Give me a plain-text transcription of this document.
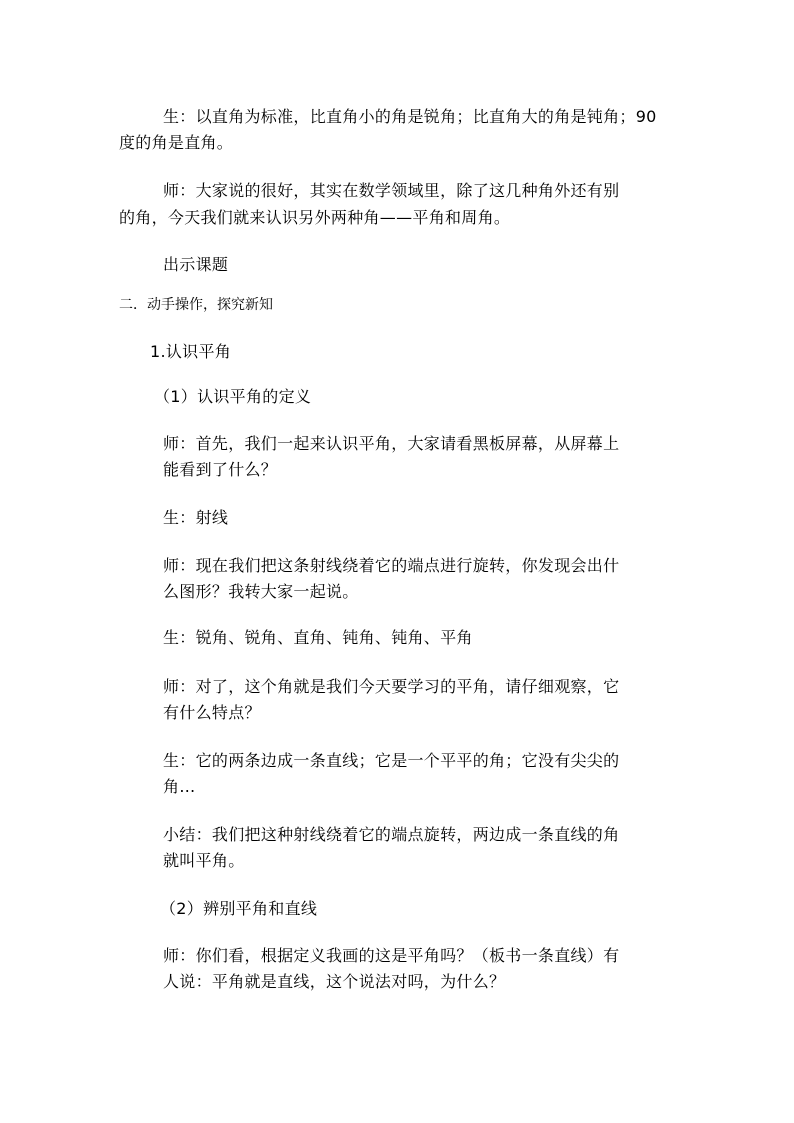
生：以直角为标准，比直角小的角是锐角；比直角大的角是钝角；90
度的角是直角。
师：大家说的很好，其实在数学领域里，除了这几种角外还有别
的角，今天我们就来认识另外两种角——平角和周角。
出示课题
二．动手操作，探究新知
1.认识平角
（1）认识平角的定义
师：首先，我们一起来认识平角，大家请看黑板屏幕，从屏幕上
能看到了什么？
生：射线
师：现在我们把这条射线绕着它的端点进行旋转，你发现会出什
么图形？我转大家一起说。
生：锐角、锐角、直角、钝角、钝角、平角
师：对了，这个角就是我们今天要学习的平角，请仔细观察，它
有什么特点？
生：它的两条边成一条直线；它是一个平平的角；它没有尖尖的
角…
小结：我们把这种射线绕着它的端点旋转，两边成一条直线的角
就叫平角。
（2）辨别平角和直线
师：你们看，根据定义我画的这是平角吗？（板书一条直线）有
人说：平角就是直线，这个说法对吗，为什么？
